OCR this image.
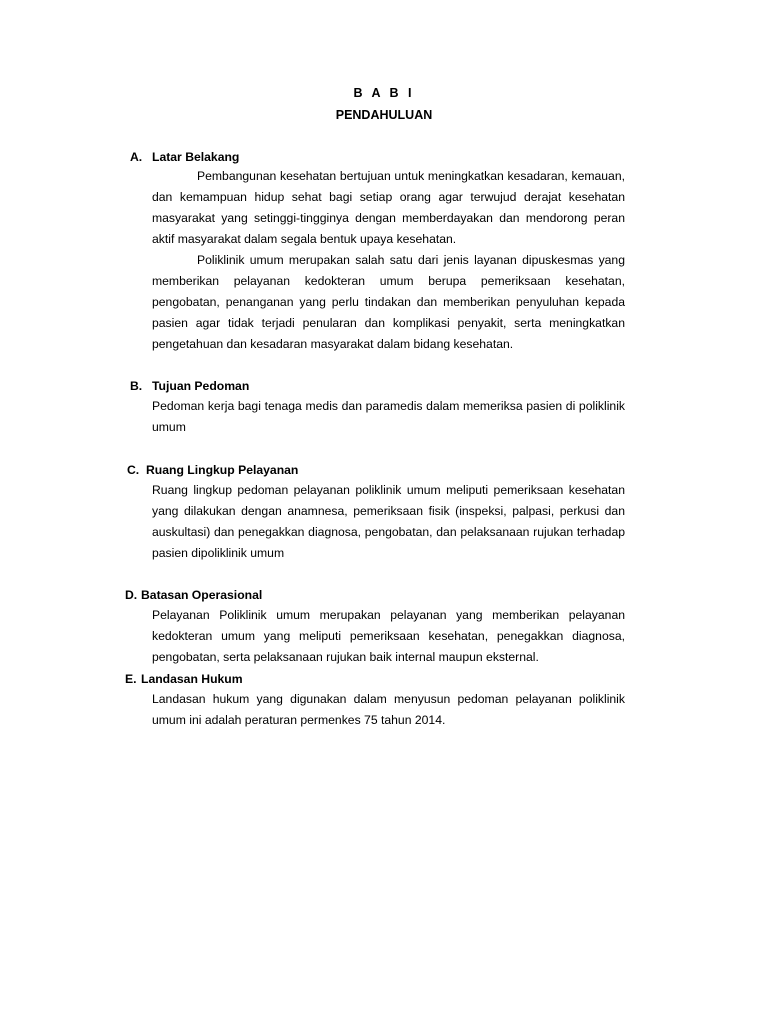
B A B I
PENDAHULUAN
A. Latar Belakang

Pembangunan kesehatan bertujuan untuk meningkatkan kesadaran, kemauan, dan kemampuan hidup sehat bagi setiap orang agar terwujud derajat kesehatan masyarakat yang setinggi-tingginya dengan memberdayakan dan mendorong peran aktif masyarakat dalam segala bentuk upaya kesehatan.

Poliklinik umum merupakan salah satu dari jenis layanan dipuskesmas yang memberikan pelayanan kedokteran umum berupa pemeriksaan kesehatan, pengobatan, penanganan yang perlu tindakan dan memberikan penyuluhan kepada pasien agar tidak terjadi penularan dan komplikasi penyakit, serta meningkatkan pengetahuan dan kesadaran masyarakat dalam bidang kesehatan.

B. Tujuan Pedoman

Pedoman kerja bagi tenaga medis dan paramedis dalam memeriksa pasien di poliklinik umum

C. Ruang Lingkup Pelayanan

Ruang lingkup pedoman pelayanan poliklinik umum meliputi pemeriksaan kesehatan yang dilakukan dengan anamnesa, pemeriksaan fisik (inspeksi, palpasi, perkusi dan auskultasi) dan penegakkan diagnosa, pengobatan, dan pelaksanaan rujukan terhadap pasien dipoliklinik umum

D. Batasan Operasional

Pelayanan Poliklinik umum merupakan pelayanan yang memberikan pelayanan kedokteran umum yang meliputi pemeriksaan kesehatan, penegakkan diagnosa, pengobatan, serta pelaksanaan rujukan baik internal maupun eksternal.

E. Landasan Hukum

Landasan hukum yang digunakan dalam menyusun pedoman pelayanan poliklinik umum ini adalah peraturan permenkes 75 tahun 2014.
